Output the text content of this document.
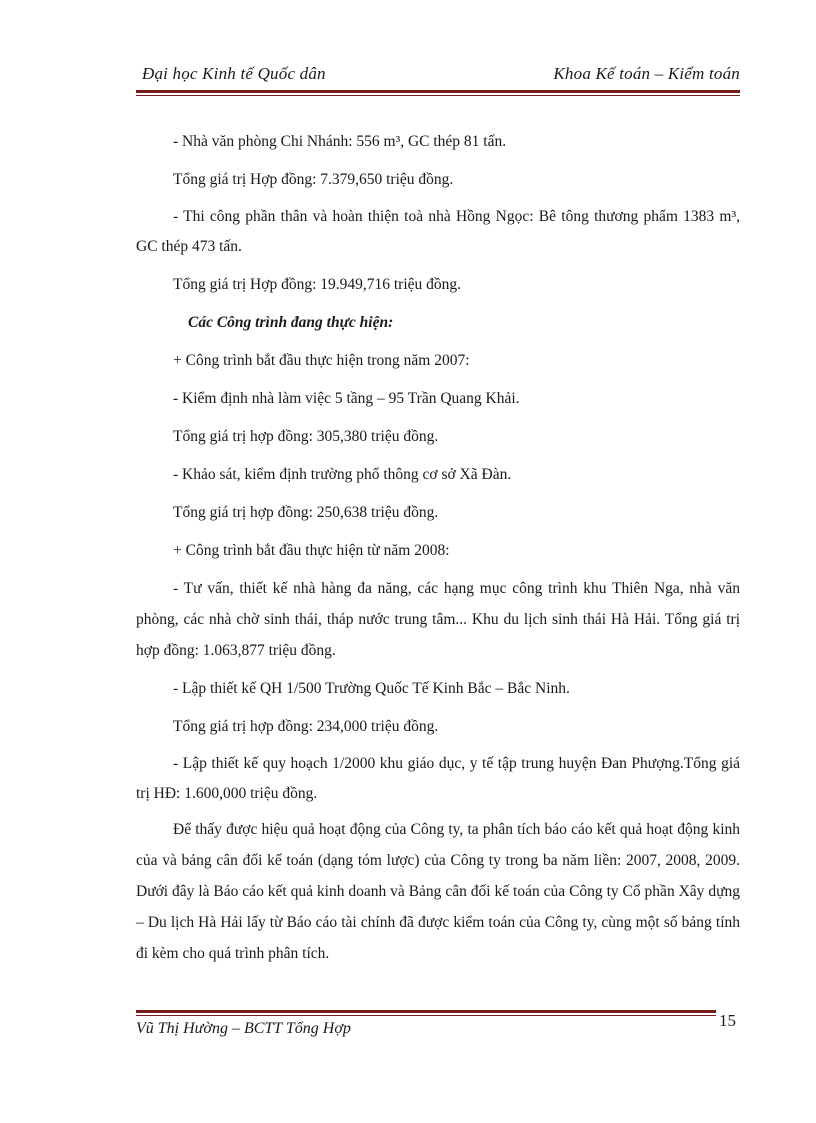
Đại học Kinh tế Quốc dân	Khoa Kế toán – Kiểm toán

- Nhà văn phòng Chi Nhánh: 556 m³, GC thép 81 tấn.

Tổng giá trị Hợp đồng: 7.379,650 triệu đồng.

- Thi công phần thân và hoàn thiện toà nhà Hồng Ngọc: Bê tông thương phẩm 1383 m³, GC thép 473 tấn.

Tổng giá trị Hợp đồng: 19.949,716 triệu đồng.

Các Công trình đang thực hiện:

+ Công trình bắt đầu thực hiện trong năm 2007:

- Kiểm định nhà làm việc 5 tầng – 95 Trần Quang Khải.

Tổng giá trị hợp đồng: 305,380 triệu đồng.

- Khảo sát, kiểm định trường phổ thông cơ sở Xã Đàn.

Tổng giá trị hợp đồng: 250,638 triệu đồng.

+ Công trình bắt đầu thực hiện từ năm 2008:

- Tư vấn, thiết kế nhà hàng đa năng, các hạng mục công trình khu Thiên Nga, nhà văn phòng, các nhà chờ sinh thái, tháp nước trung tâm... Khu du lịch sinh thái Hà Hải. Tổng giá trị hợp đồng: 1.063,877 triệu đồng.

- Lập thiết kế QH 1/500 Trường Quốc Tế Kinh Bắc – Bắc Ninh.

Tổng giá trị hợp đồng: 234,000 triệu đồng.

- Lập thiết kế quy hoạch 1/2000 khu giáo dục, y tế tập trung huyện Đan Phượng.Tổng giá trị HĐ: 1.600,000 triệu đồng.

Để thấy được hiệu quả hoạt động của Công ty, ta phân tích báo cáo kết quả hoạt động kinh của và bảng cân đối kế toán (dạng tóm lược) của Công ty trong ba năm liền: 2007, 2008, 2009. Dưới đây là Báo cáo kết quả kinh doanh và Bảng cân đối kế toán của Công ty Cổ phần Xây dựng – Du lịch Hà Hải lấy từ Báo cáo tài chính đã được kiểm toán của Công ty, cùng một số bảng tính đi kèm cho quá trình phân tích.

Vũ Thị Hường – BCTT Tổng Hợp	15
